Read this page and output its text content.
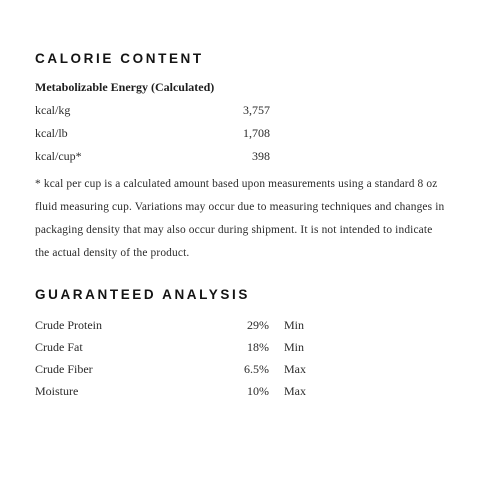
CALORIE CONTENT
Metabolizable Energy (Calculated)
kcal/kg	3,757
kcal/lb	1,708
kcal/cup*	398

* kcal per cup is a calculated amount based upon measurements using a standard 8 oz fluid measuring cup. Variations may occur due to measuring techniques and changes in packaging density that may also occur during shipment. It is not intended to indicate the actual density of the product.

GUARANTEED ANALYSIS
Crude Protein	29% Min
Crude Fat	18% Min
Crude Fiber	6.5% Max
Moisture	10% Max
